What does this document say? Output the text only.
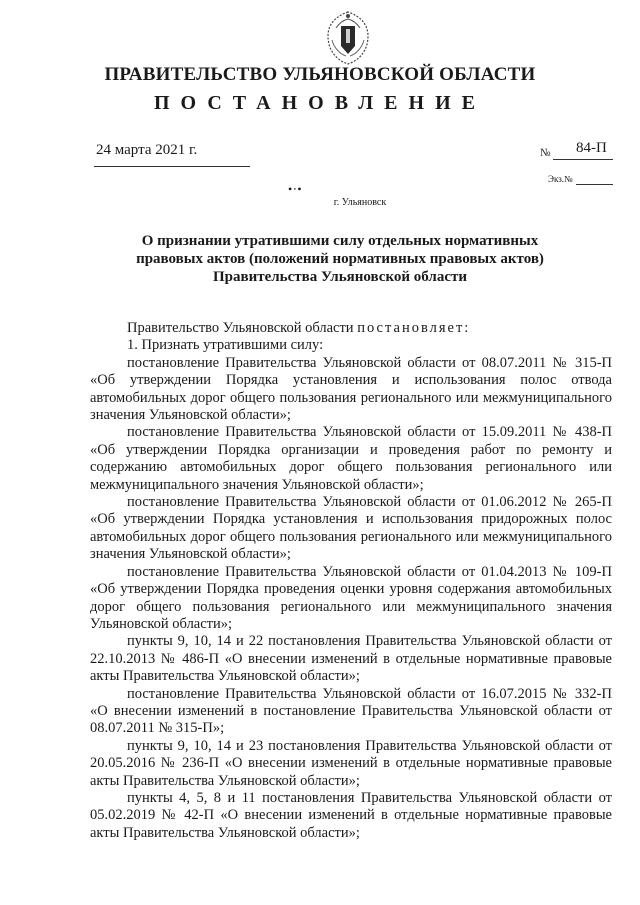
ПРАВИТЕЛЬСТВО УЛЬЯНОВСКОЙ ОБЛАСТИ
ПОСТАНОВЛЕНИЕ
24 марта 2021 г.	№ 84-П
Экз.№
•⸱•
г. Ульяновск
О признании утратившими силу отдельных нормативных
правовых актов (положений нормативных правовых актов)
Правительства Ульяновской области

Правительство Ульяновской области постановляет:

1. Признать утратившими силу:

постановление Правительства Ульяновской области от 08.07.2011 № 315-П «Об утверждении Порядка установления и использования полос отвода автомобильных дорог общего пользования регионального или межмуниципального значения Ульяновской области»;

постановление Правительства Ульяновской области от 15.09.2011 № 438-П «Об утверждении Порядка организации и проведения работ по ремонту и содержанию автомобильных дорог общего пользования регионального или межмуниципального значения Ульяновской области»;

постановление Правительства Ульяновской области от 01.06.2012 № 265-П «Об утверждении Порядка установления и использования придорожных полос автомобильных дорог общего пользования регионального или межмуниципального значения Ульяновской области»;

постановление Правительства Ульяновской области от 01.04.2013 № 109-П «Об утверждении Порядка проведения оценки уровня содержания автомобильных дорог общего пользования регионального или межмуниципального значения Ульяновской области»;

пункты 9, 10, 14 и 22 постановления Правительства Ульяновской области от 22.10.2013 № 486-П «О внесении изменений в отдельные нормативные правовые акты Правительства Ульяновской области»;

постановление Правительства Ульяновской области от 16.07.2015 № 332-П «О внесении изменений в постановление Правительства Ульяновской области от 08.07.2011 № 315-П»;

пункты 9, 10, 14 и 23 постановления Правительства Ульяновской области от 20.05.2016 № 236-П «О внесении изменений в отдельные нормативные правовые акты Правительства Ульяновской области»;

пункты 4, 5, 8 и 11 постановления Правительства Ульяновской области от 05.02.2019 № 42-П «О внесении изменений в отдельные нормативные правовые акты Правительства Ульяновской области»;
